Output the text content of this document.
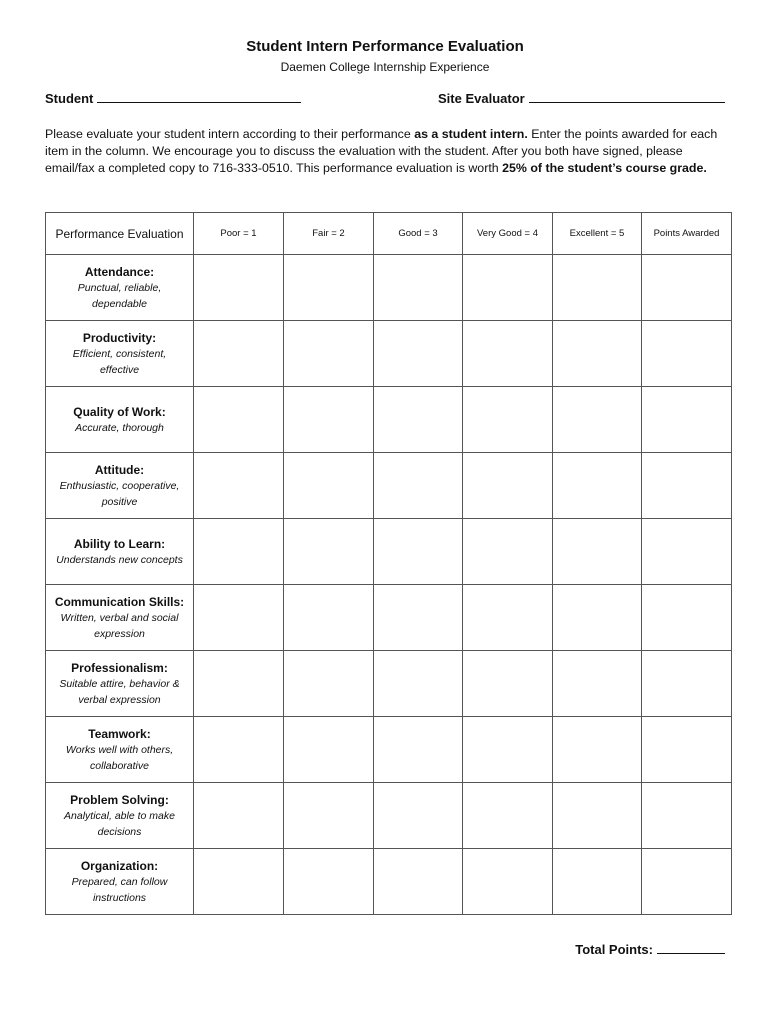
Student Intern Performance Evaluation
Daemen College Internship Experience
Student	Site Evaluator
Please evaluate your student intern according to their performance as a student intern. Enter the points awarded for each item in the column. We encourage you to discuss the evaluation with the student. After you both have signed, please email/fax a completed copy to 716-333-0510. This performance evaluation is worth 25% of the student’s course grade.
Performance Evaluation	Poor = 1	Fair = 2	Good = 3	Very Good = 4	Excellent = 5	Points Awarded

Attendance:
Punctual, reliable, dependable						

Productivity:
Efficient, consistent, effective						

Quality of Work:
Accurate, thorough						

Attitude:
Enthusiastic, cooperative, positive						

Ability to Learn:
Understands new concepts						

Communication Skills:
Written, verbal and social expression						

Professionalism:
Suitable attire, behavior & verbal expression						

Teamwork:
Works well with others, collaborative						

Problem Solving:
Analytical, able to make decisions						

Organization:
Prepared, can follow instructions						

Total Points:
